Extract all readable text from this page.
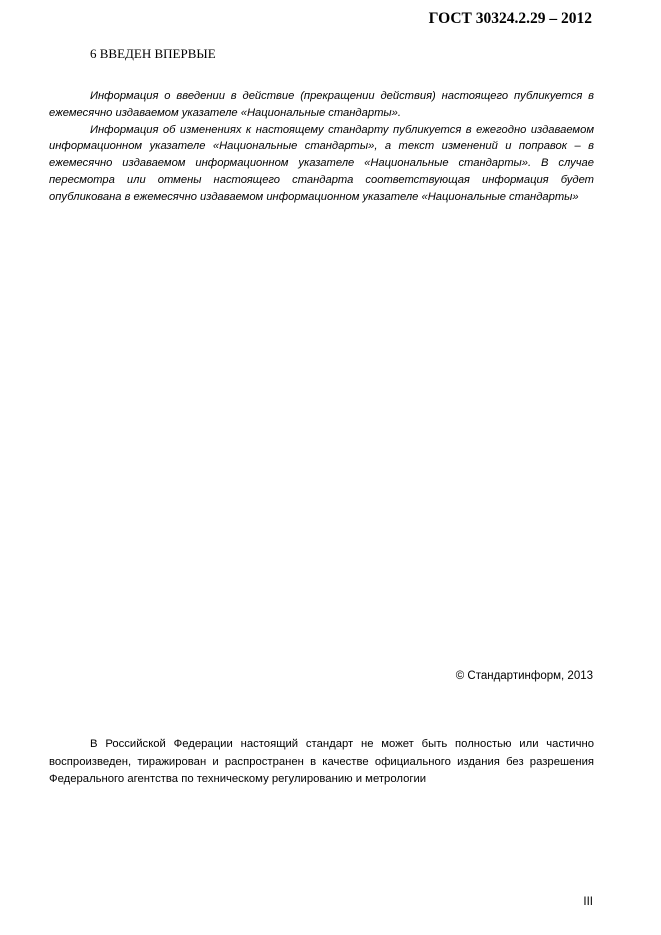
ГОСТ 30324.2.29 – 2012
6 ВВЕДЕН ВПЕРВЫЕ

Информация о введении в действие (прекращении действия) настоящего публикуется в ежемесячно издаваемом указателе «Национальные стандарты».

Информация об изменениях к настоящему стандарту публикуется в ежегодно издаваемом информационном указателе «Национальные стандарты», а текст изменений и поправок – в ежемесячно издаваемом информационном указателе «Национальные стандарты». В случае пересмотра или отмены настоящего стандарта соответствующая информация будет опубликована в ежемесячно издаваемом информационном указателе «Национальные стандарты»

© Стандартинформ, 2013

В Российской Федерации настоящий стандарт не может быть полностью или частично воспроизведен, тиражирован и распространен в качестве официального издания без разрешения Федерального агентства по техническому регулированию и метрологии

III
